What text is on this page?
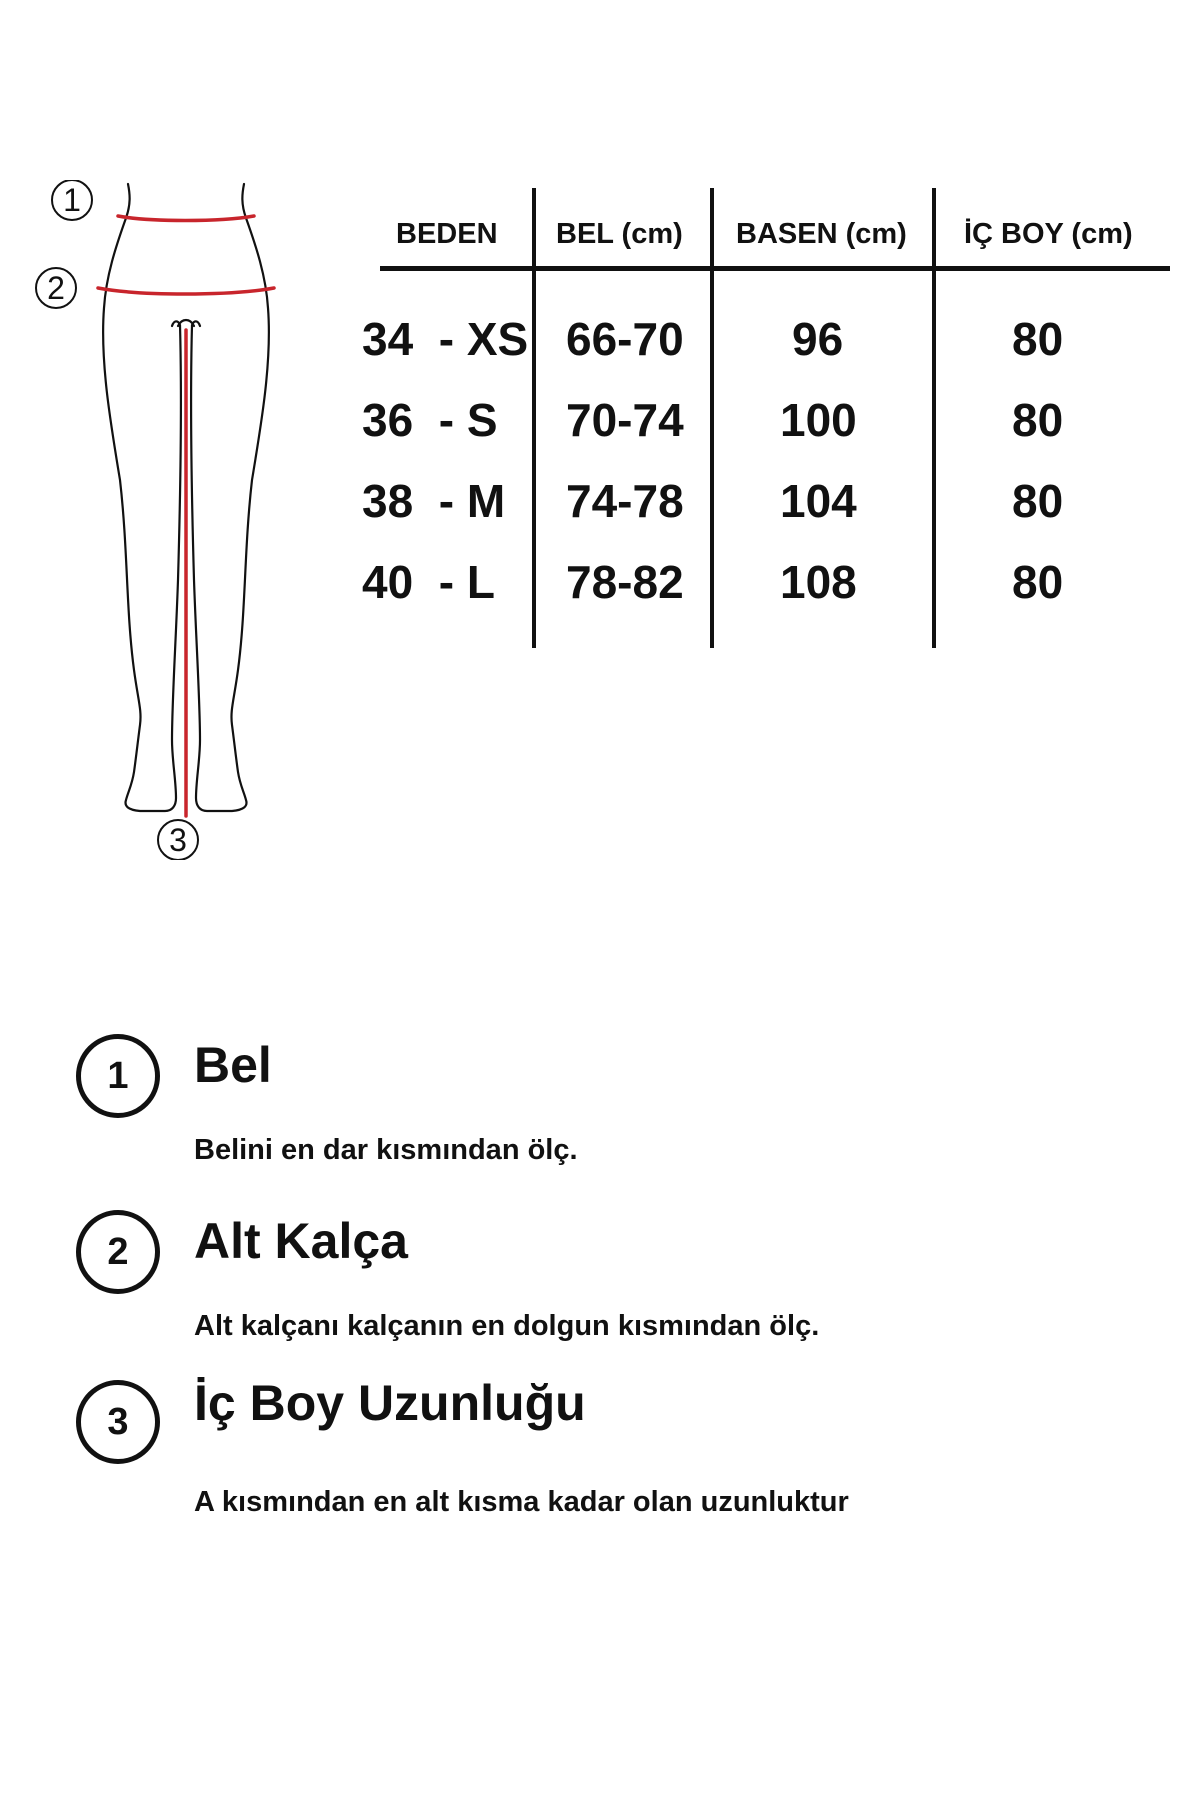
1
2
3
BEDEN BEL (cm) BASEN (cm) İÇ BOY (cm)
34  - XS 66-70 96	80
36  - S 70-74 100	80
38  - M 74-78 104	80
40  - L 78-82 108	80
1	Bel
Belini en dar kısmından ölç.
2	Alt Kalça
Alt kalçanı kalçanın en dolgun kısmından ölç.
3	İç Boy Uzunluğu
A kısmından en alt kısma kadar olan uzunluktur
